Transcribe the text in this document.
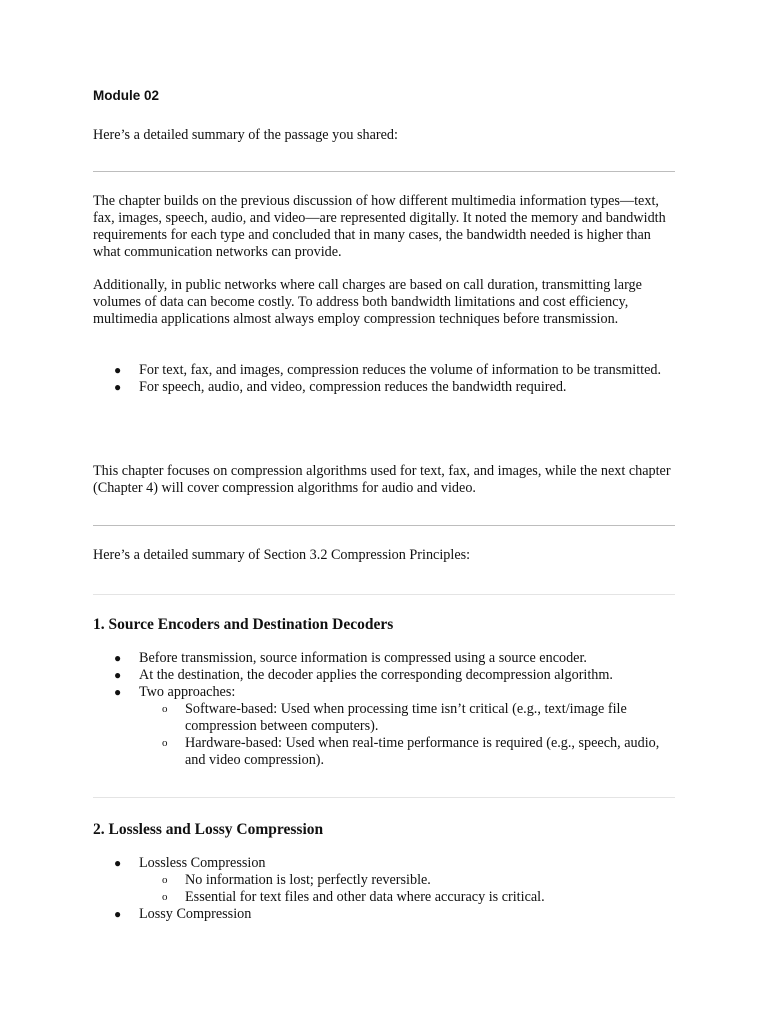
Module 02

Here’s a detailed summary of the passage you shared:

The chapter builds on the previous discussion of how different multimedia information types—text, fax, images, speech, audio, and video—are represented digitally. It noted the memory and bandwidth requirements for each type and concluded that in many cases, the bandwidth needed is higher than what communication networks can provide.

Additionally, in public networks where call charges are based on call duration, transmitting large volumes of data can become costly. To address both bandwidth limitations and cost efficiency, multimedia applications almost always employ compression techniques before transmission.

● For text, fax, and images, compression reduces the volume of information to be transmitted.
● For speech, audio, and video, compression reduces the bandwidth required.

This chapter focuses on compression algorithms used for text, fax, and images, while the next chapter (Chapter 4) will cover compression algorithms for audio and video.

Here’s a detailed summary of Section 3.2 Compression Principles:

1. Source Encoders and Destination Decoders
● Before transmission, source information is compressed using a source encoder.
● At the destination, the decoder applies the corresponding decompression algorithm.
● Two approaches:
o Software-based: Used when processing time isn’t critical (e.g., text/image file compression between computers).
o Hardware-based: Used when real-time performance is required (e.g., speech, audio, and video compression).
2. Lossless and Lossy Compression
● Lossless Compression
o No information is lost; perfectly reversible.
o Essential for text files and other data where accuracy is critical.
● Lossy Compression
